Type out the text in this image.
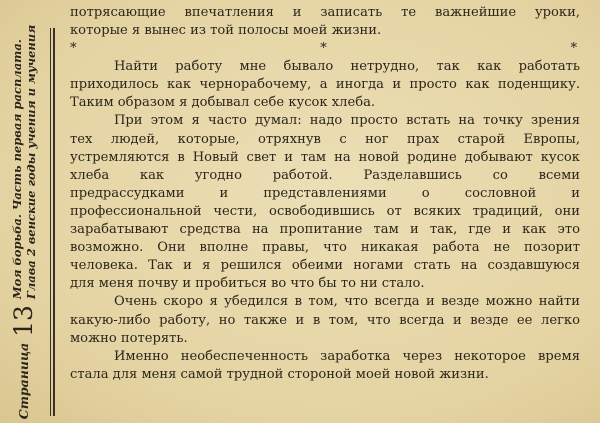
Страница
13
Моя борьба. Часть первая расплата. Глава 2 венские годы учения и мучения
потрясающие впечатления и записать те важнейшие уроки,
которые я вынес из той полосы моей жизни.
* * *
Найти работу мне бывало нетрудно, так как работать
приходилось как чернорабочему, а иногда и просто как поденщику.
Таким образом я добывал себе кусок хлеба.
При этом я часто думал: надо просто встать на точку зрения
тех людей, которые, отряхнув с ног прах старой Европы,
устремляются в Новый свет и там на новой родине добывают кусок
хлеба как угодно работой. Разделавшись со всеми
предрассудками и представлениями о сословной и
профессиональной чести, освободившись от всяких традиций, они
зарабатывают средства на пропитание там и так, где и как это
возможно. Они вполне правы, что никакая работа не позорит
человека. Так и я решился обеими ногами стать на создавшуюся
для меня почву и пробиться во что бы то ни стало.
Очень скоро я убедился в том, что всегда и везде можно найти
какую-либо работу, но также и в том, что всегда и везде ее легко
можно потерять.
Именно необеспеченность заработка через некоторое время
стала для меня самой трудной стороной моей новой жизни.
